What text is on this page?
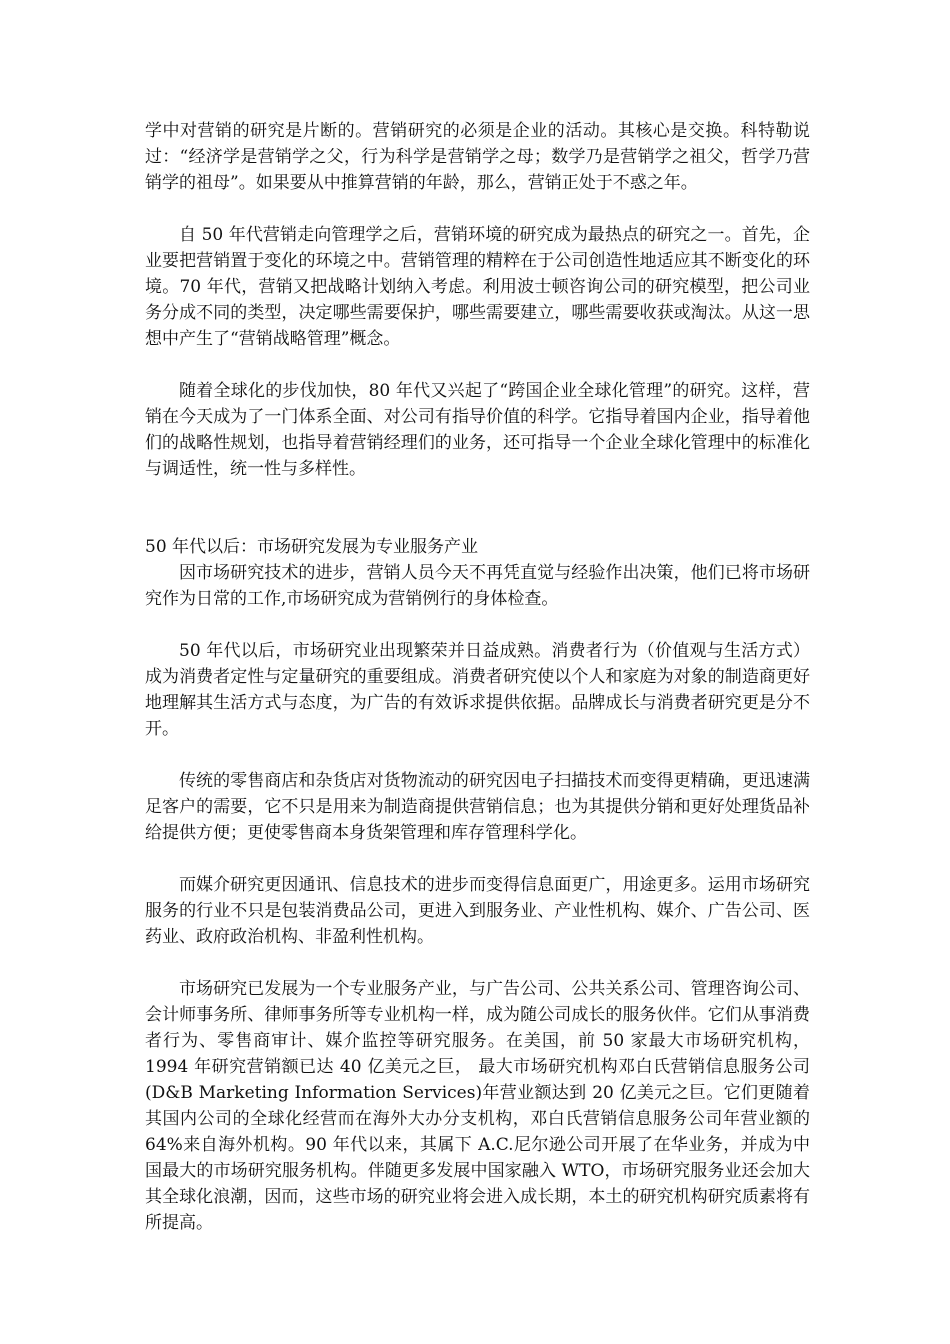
学中对营销的研究是片断的。营销研究的必须是企业的活动。其核心是交换。科特勒说过：“经济学是营销学之父，行为科学是营销学之母；数学乃是营销学之祖父，哲学乃营销学的祖母”。如果要从中推算营销的年龄，那么，营销正处于不惑之年。

自 50 年代营销走向管理学之后，营销环境的研究成为最热点的研究之一。首先，企业要把营销置于变化的环境之中。营销管理的精粹在于公司创造性地适应其不断变化的环境。70 年代，营销又把战略计划纳入考虑。利用波士顿咨询公司的研究模型，把公司业务分成不同的类型，决定哪些需要保护，哪些需要建立，哪些需要收获或淘汰。从这一思想中产生了“营销战略管理”概念。

随着全球化的步伐加快，80 年代又兴起了“跨国企业全球化管理”的研究。这样，营销在今天成为了一门体系全面、对公司有指导价值的科学。它指导着国内企业，指导着他们的战略性规划，也指导着营销经理们的业务，还可指导一个企业全球化管理中的标准化与调适性，统一性与多样性。

50 年代以后：市场研究发展为专业服务产业

因市场研究技术的进步，营销人员今天不再凭直觉与经验作出决策，他们已将市场研究作为日常的工作,市场研究成为营销例行的身体检查。

50 年代以后，市场研究业出现繁荣并日益成熟。消费者行为（价值观与生活方式）成为消费者定性与定量研究的重要组成。消费者研究使以个人和家庭为对象的制造商更好地理解其生活方式与态度，为广告的有效诉求提供依据。品牌成长与消费者研究更是分不开。

传统的零售商店和杂货店对货物流动的研究因电子扫描技术而变得更精确，更迅速满足客户的需要，它不只是用来为制造商提供营销信息；也为其提供分销和更好处理货品补给提供方便；更使零售商本身货架管理和库存管理科学化。

而媒介研究更因通讯、信息技术的进步而变得信息面更广，用途更多。运用市场研究服务的行业不只是包装消费品公司，更进入到服务业、产业性机构、媒介、广告公司、医药业、政府政治机构、非盈利性机构。

市场研究已发展为一个专业服务产业，与广告公司、公共关系公司、管理咨询公司、会计师事务所、律师事务所等专业机构一样，成为随公司成长的服务伙伴。它们从事消费者行为、零售商审计、媒介监控等研究服务。在美国，前 50 家最大市场研究机构，1994 年研究营销额已达 40 亿美元之巨， 最大市场研究机构邓白氏营销信息服务公司(D&B Marketing Information Services)年营业额达到 20 亿美元之巨。它们更随着其国内公司的全球化经营而在海外大办分支机构，邓白氏营销信息服务公司年营业额的 64%来自海外机构。90 年代以来，其属下 A.C.尼尔逊公司开展了在华业务，并成为中国最大的市场研究服务机构。伴随更多发展中国家融入 WTO，市场研究服务业还会加大其全球化浪潮，因而，这些市场的研究业将会进入成长期，本土的研究机构研究质素将有所提高。
